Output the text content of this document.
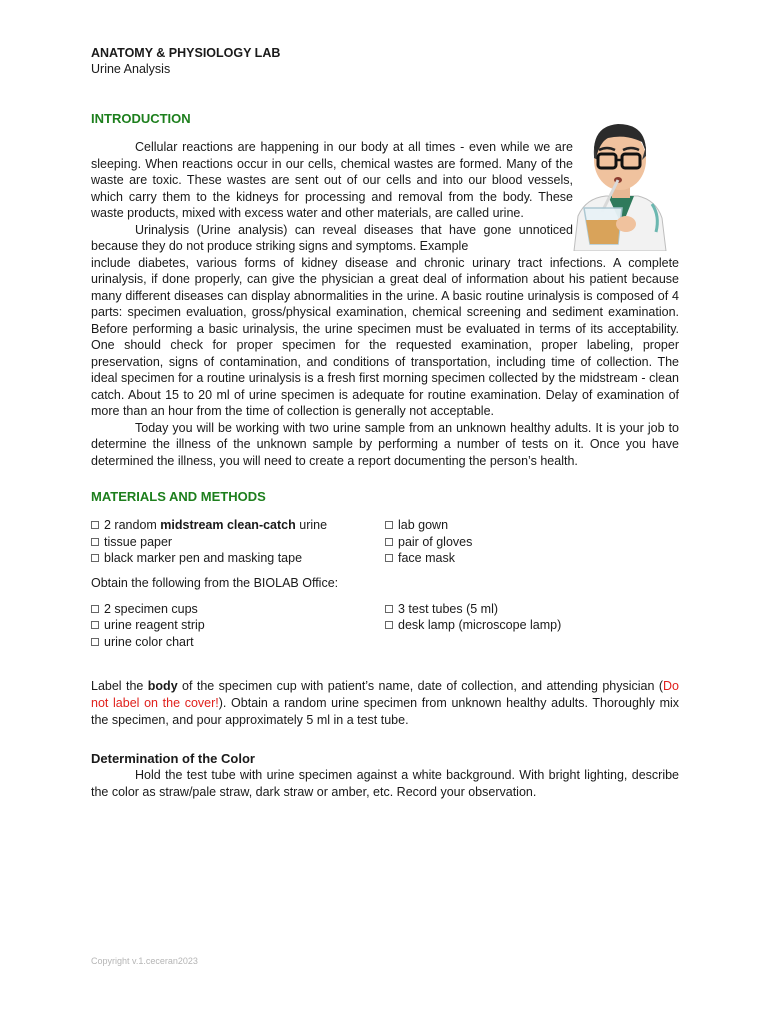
ANATOMY & PHYSIOLOGY LAB
Urine Analysis
INTRODUCTION

Cellular reactions are happening in our body at all times - even while we are sleeping. When reactions occur in our cells, chemical wastes are formed. Many of the waste are toxic. These wastes are sent out of our cells and into our blood vessels, which carry them to the kidneys for processing and removal from the body. These waste products, mixed with excess water and other materials, are called urine.

Urinalysis (Urine analysis) can reveal diseases that have gone unnoticed because they do not produce striking signs and symptoms. Example

include diabetes, various forms of kidney disease and chronic urinary tract infections. A complete urinalysis, if done properly, can give the physician a great deal of information about his patient because many different diseases can display abnormalities in the urine. A basic routine urinalysis is composed of 4 parts: specimen evaluation, gross/physical examination, chemical screening and sediment examination. Before performing a basic urinalysis, the urine specimen must be evaluated in terms of its acceptability. One should check for proper specimen for the requested examination, proper labeling, proper preservation, signs of contamination, and conditions of transportation, including time of collection. The ideal specimen for a routine urinalysis is a fresh first morning specimen collected by the midstream - clean catch. About 15 to 20 ml of urine specimen is adequate for routine examination. Delay of examination of more than an hour from the time of collection is generally not acceptable.

Today you will be working with two urine sample from an unknown healthy adults. It is your job to determine the illness of the unknown sample by performing a number of tests on it. Once you have determined the illness, you will need to create a report documenting the person’s health.

MATERIALS AND METHODS
2 random midstream clean-catch urine
tissue paper
black marker pen and masking tape
lab gown
pair of gloves
face mask

Obtain the following from the BIOLAB Office:

2 specimen cups
urine reagent strip
urine color chart
3 test tubes (5 ml)
desk lamp (microscope lamp)

Label the body of the specimen cup with patient’s name, date of collection, and attending physician (Do not label on the cover!). Obtain a random urine specimen from unknown healthy adults. Thoroughly mix the specimen, and pour approximately 5 ml in a test tube.

Determination of the Color

Hold the test tube with urine specimen against a white background. With bright lighting, describe the color as straw/pale straw, dark straw or amber, etc. Record your observation.

Copyright v.1.ceceran2023
